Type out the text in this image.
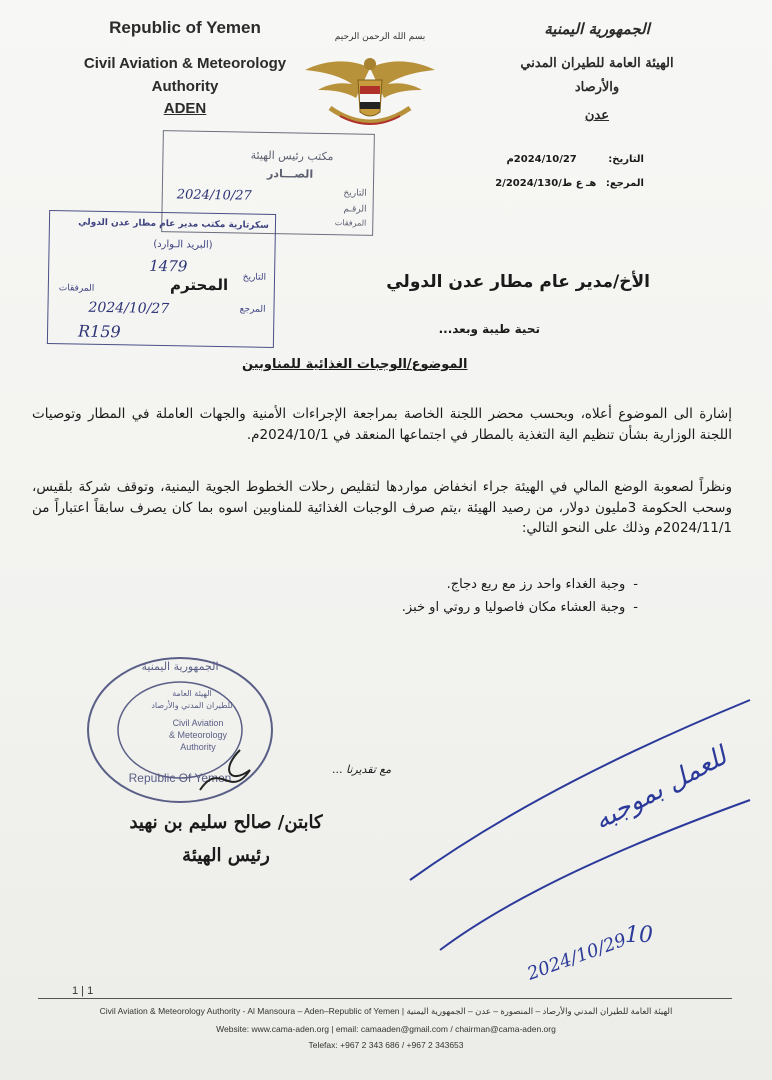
Republic of Yemen
Civil Aviation & Meteorology
Authority
ADEN
الجمهورية اليمنية
الهيئة العامة للطيران المدني
والأرصاد
عدن
بسم الله الرحمن الرحيم
التاريخ: 2024/10/27م
المرجع: هـ ع ط/2/2024/130
مكتب رئيس الهيئة
الصـــادر
التاريخ
الرقـم
المرفقات
2024/10/27
سكرتارية مكتب مدير عام مطار عدن الدولي
(البريد الـوارد)
1479
التاريخ
المرفقات
المرجع
2024/10/27
R159
المحترم	الأخ/مدير عام مطار عدن الدولي
تحية طيبة وبعد...
الموضوع/الوجبات الغذائية للمناوبين
إشارة الى الموضوع أعلاه، وبحسب محضر اللجنة الخاصة بمراجعة الإجراءات الأمنية والجهات العاملة في المطار وتوصيات اللجنة الوزارية بشأن تنظيم الية التغذية بالمطار في اجتماعها المنعقد في 2024/10/1م.
ونظراً لصعوبة الوضع المالي في الهيئة جراء انخفاض مواردها لتقليص رحلات الخطوط الجوية اليمنية، وتوقف شركة بلقيس، وسحب الحكومة 3مليون دولار، من رصيد الهيئة ،يتم صرف الوجبات الغذائية للمناوبين اسوه بما كان يصرف سابقاً اعتباراً من 2024/11/1م وذلك على النحو التالي:
-وجبة الغداء واحد رز مع ربع دجاج.
-وجبة العشاء مكان فاصوليا و روتي او خبز.
الجمهورية اليمنية
الهيئة العامة
للطيران المدني والأرصاد
Civil Aviation
& Meteorology
Authority
Republic Of Yemen
مع تقديرنا ...
كابتن/ صالح سليم بن نهيد
رئيس الهيئة
للعمل بموجبه
10
2024/10/29
1 | 1
Civil Aviation & Meteorology Authority - Al Mansoura – Aden–Republic of Yemen | الهيئة العامة للطيران المدني والأرصاد – المنصورة – عدن – الجمهورية اليمنية
Website: www.cama-aden.org | email: camaaden@gmail.com / chairman@cama-aden.org
Telefax: +967 2 343 686 / +967 2 343653
